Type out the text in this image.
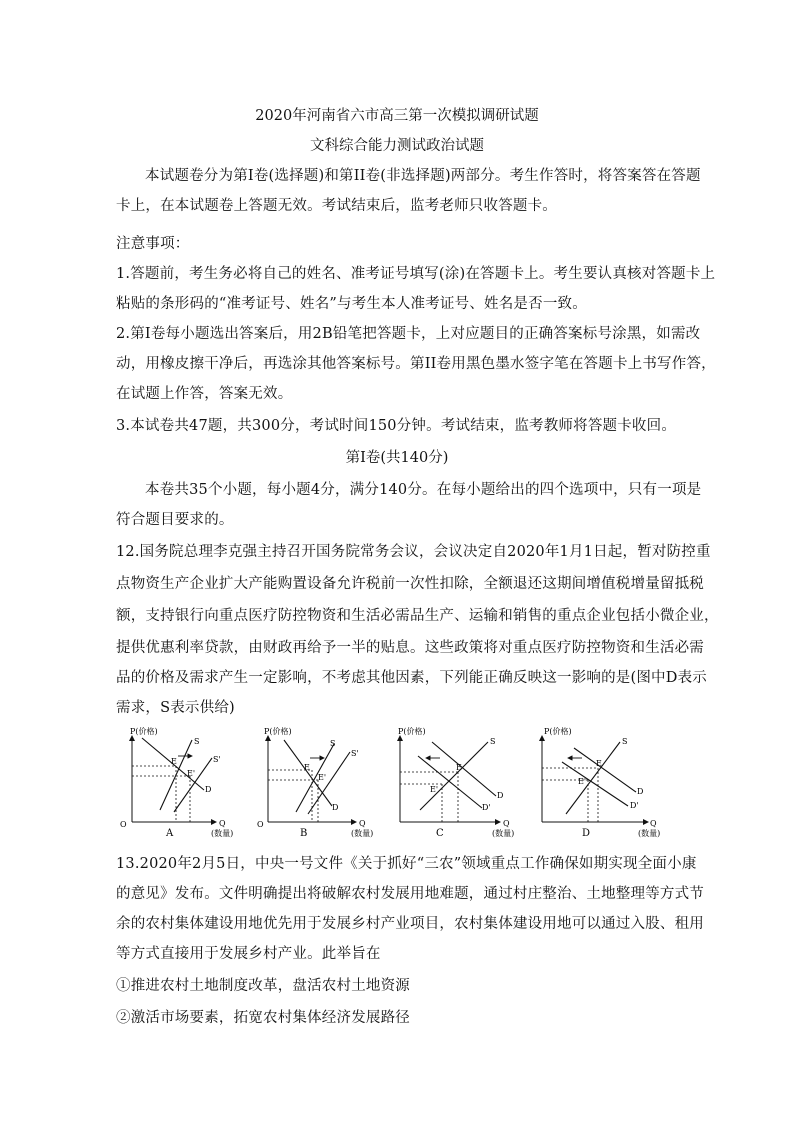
2020年河南省六市高三第一次模拟调研试题
文科综合能力测试政治试题
本试题卷分为第I卷(选择题)和第II卷(非选择题)两部分。考生作答时，将答案答在答题
卡上，在本试题卷上答题无效。考试结束后，监考老师只收答题卡。
注意事项：
1.答题前，考生务必将自己的姓名、准考证号填写(涂)在答题卡上。考生要认真核对答题卡上
粘贴的条形码的“准考证号、姓名”与考生本人准考证号、姓名是否一致。
2.第I卷每小题选出答案后，用2B铅笔把答题卡，上对应题目的正确答案标号涂黑，如需改
动，用橡皮擦干净后，再选涂其他答案标号。第II卷用黑色墨水签字笔在答题卡上书写作答，
在试题上作答，答案无效。
3.本试卷共47题，共300分，考试时间150分钟。考试结束，监考教师将答题卡收回。
第I卷(共140分)
本卷共35个小题，每小题4分，满分140分。在每小题给出的四个选项中，只有一项是
符合题目要求的。
12.国务院总理李克强主持召开国务院常务会议，会议决定自2020年1月1日起，暂对防控重
点物资生产企业扩大产能购置设备允许税前一次性扣除，全额退还这期间增值税增量留抵税
额，支持银行向重点医疗防控物资和生活必需品生产、运输和销售的重点企业包括小微企业，
提供优惠利率贷款，由财政再给予一半的贴息。这些政策将对重点医疗防控物资和生活必需
品的价格及需求产生一定影响，不考虑其他因素，下列能正确反映这一影响的是(图中D表示
需求，S表示供给)
P(价格)
Q
(数量)
O
S
S'
D
E
E'
A
P(价格)
Q
(数量)
O
S
S'
D
E
E'
B
P(价格)
Q
(数量)
S
D
D'
E
E'
C
P(价格)
Q
(数量)
S
D
D'
E
E'
D
13.2020年2月5日，中央一号文件《关于抓好“三农”领域重点工作确保如期实现全面小康
的意见》发布。文件明确提出将破解农村发展用地难题，通过村庄整治、土地整理等方式节
余的农村集体建设用地优先用于发展乡村产业项目，农村集体建设用地可以通过入股、租用
等方式直接用于发展乡村产业。此举旨在
①推进农村土地制度改革，盘活农村土地资源
②激活市场要素，拓宽农村集体经济发展路径
